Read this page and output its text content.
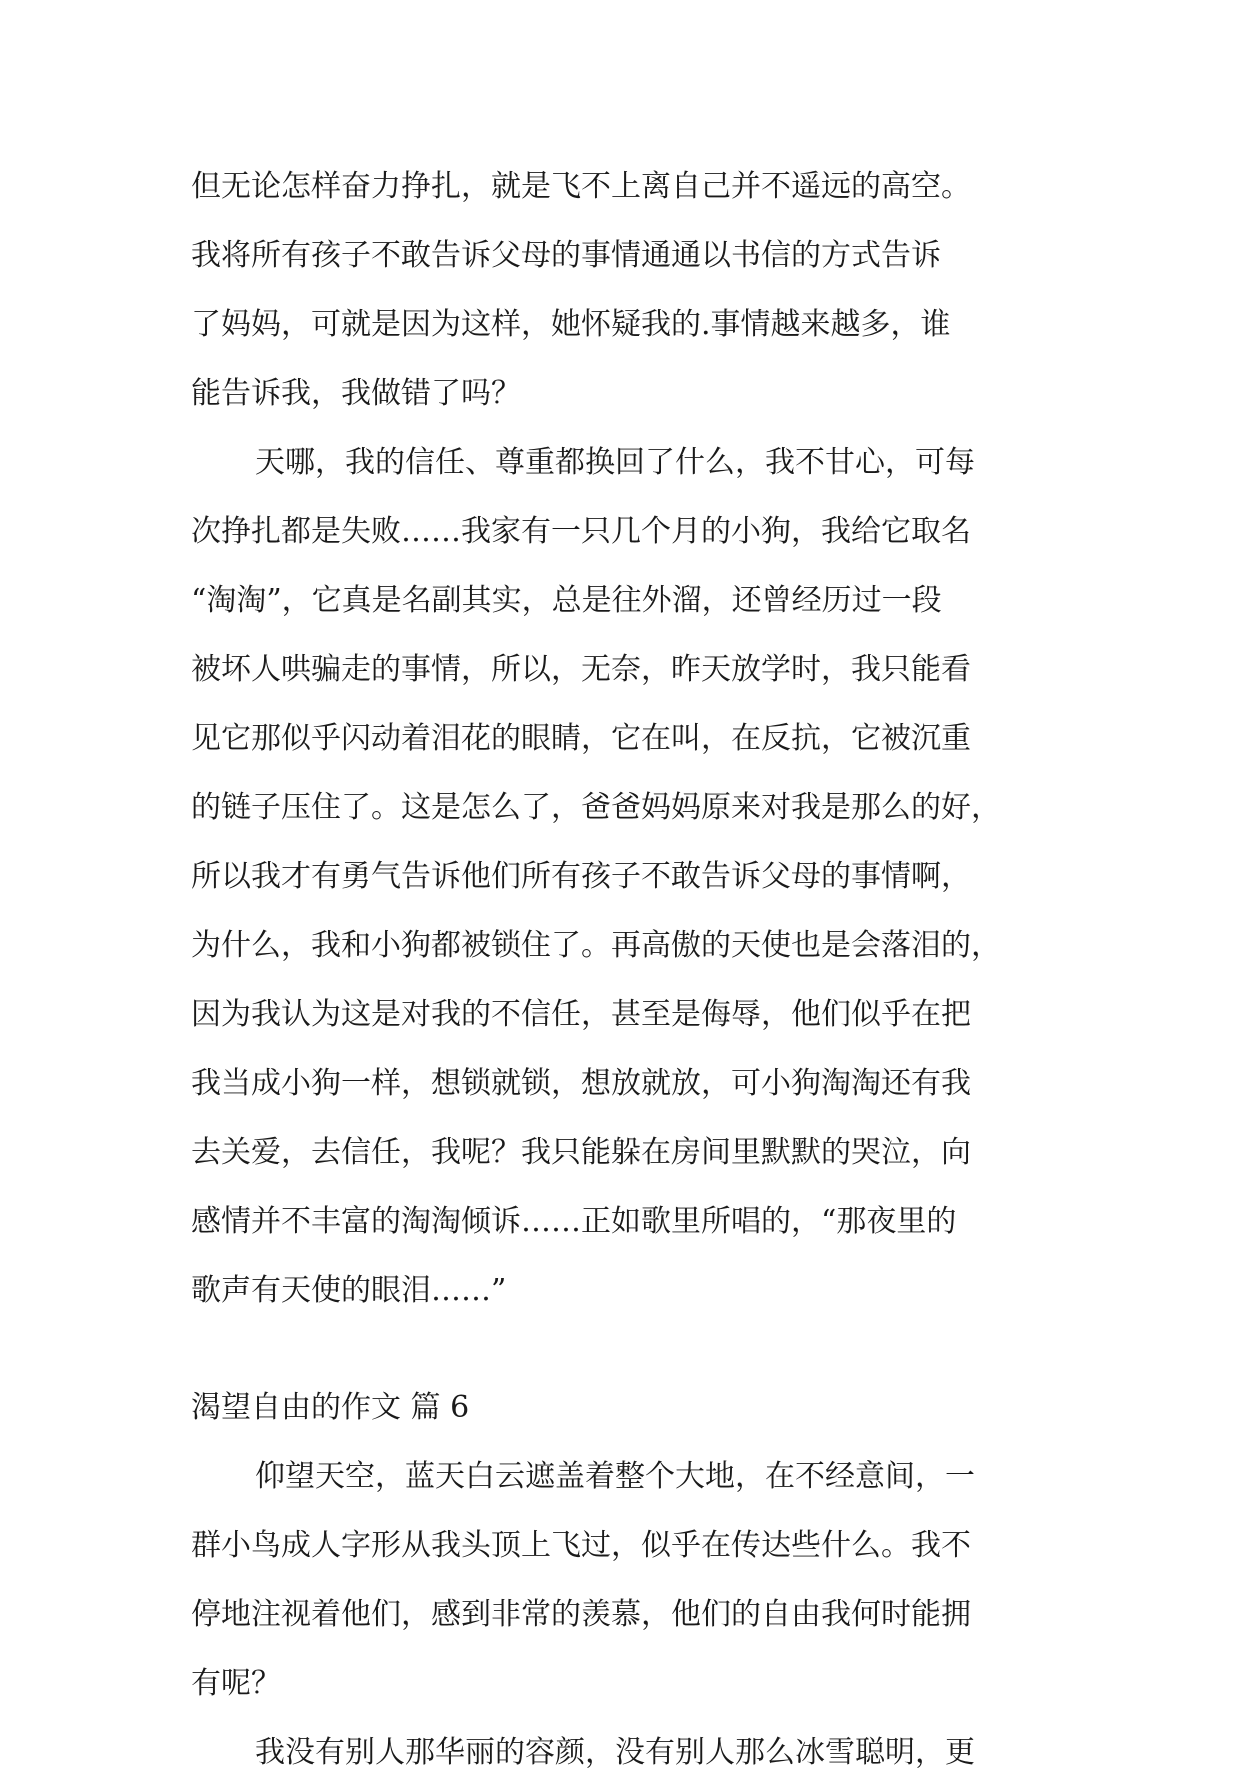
但无论怎样奋力挣扎，就是飞不上离自己并不遥远的高空。
我将所有孩子不敢告诉父母的事情通通以书信的方式告诉
了妈妈，可就是因为这样，她怀疑我的.事情越来越多，谁
能告诉我，我做错了吗？
天哪，我的信任、尊重都换回了什么，我不甘心，可每
次挣扎都是失败……我家有一只几个月的小狗，我给它取名
“淘淘”，它真是名副其实，总是往外溜，还曾经历过一段
被坏人哄骗走的事情，所以，无奈，昨天放学时，我只能看
见它那似乎闪动着泪花的眼睛，它在叫，在反抗，它被沉重
的链子压住了。这是怎么了，爸爸妈妈原来对我是那么的好，
所以我才有勇气告诉他们所有孩子不敢告诉父母的事情啊，
为什么，我和小狗都被锁住了。再高傲的天使也是会落泪的，
因为我认为这是对我的不信任，甚至是侮辱，他们似乎在把
我当成小狗一样，想锁就锁，想放就放，可小狗淘淘还有我
去关爱，去信任，我呢？我只能躲在房间里默默的哭泣，向
感情并不丰富的淘淘倾诉……正如歌里所唱的，“那夜里的
歌声有天使的眼泪……”
渴望自由的作文 篇 6
仰望天空，蓝天白云遮盖着整个大地，在不经意间，一
群小鸟成人字形从我头顶上飞过，似乎在传达些什么。我不
停地注视着他们，感到非常的羡慕，他们的自由我何时能拥
有呢？
我没有别人那华丽的容颜，没有别人那么冰雪聪明，更
